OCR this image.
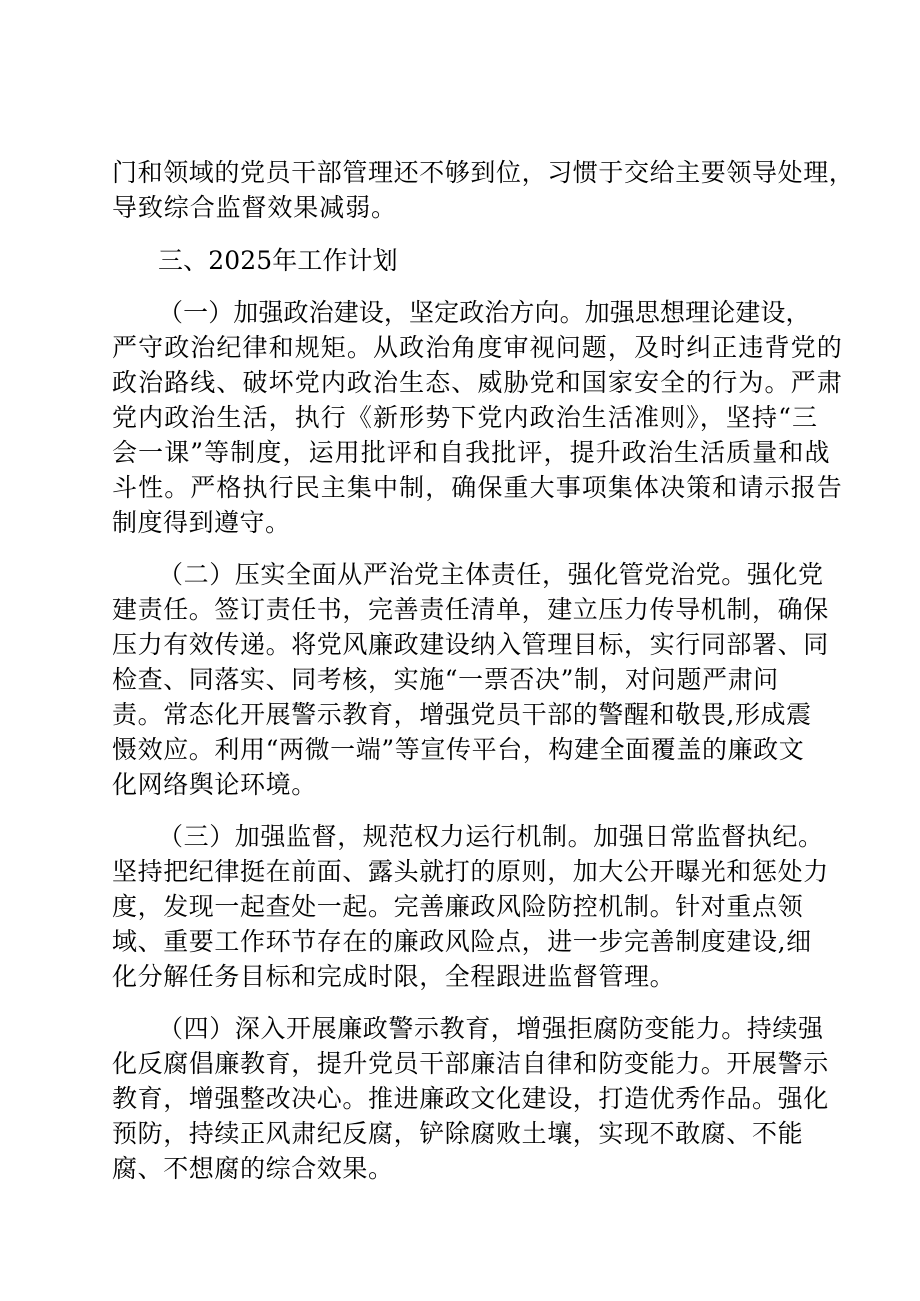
门和领域的党员干部管理还不够到位，习惯于交给主要领导处理，

导致综合监督效果减弱。

三、2025年工作计划

（一）加强政治建设，坚定政治方向。加强思想理论建设，

严守政治纪律和规矩。从政治角度审视问题，及时纠正违背党的

政治路线、破坏党内政治生态、威胁党和国家安全的行为。严肃

党内政治生活，执行《新形势下党内政治生活准则》，坚持“三

会一课”等制度，运用批评和自我批评，提升政治生活质量和战

斗性。严格执行民主集中制，确保重大事项集体决策和请示报告

制度得到遵守。

（二）压实全面从严治党主体责任，强化管党治党。强化党

建责任。签订责任书，完善责任清单，建立压力传导机制，确保

压力有效传递。将党风廉政建设纳入管理目标，实行同部署、同

检查、同落实、同考核，实施“一票否决”制，对问题严肃问

责。常态化开展警示教育，增强党员干部的警醒和敬畏,形成震

慑效应。利用“两微一端”等宣传平台，构建全面覆盖的廉政文

化网络舆论环境。

（三）加强监督，规范权力运行机制。加强日常监督执纪。

坚持把纪律挺在前面、露头就打的原则，加大公开曝光和惩处力

度，发现一起查处一起。完善廉政风险防控机制。针对重点领

域、重要工作环节存在的廉政风险点，进一步完善制度建设,细

化分解任务目标和完成时限，全程跟进监督管理。

（四）深入开展廉政警示教育，增强拒腐防变能力。持续强

化反腐倡廉教育，提升党员干部廉洁自律和防变能力。开展警示

教育，增强整改决心。推进廉政文化建设，打造优秀作品。强化

预防，持续正风肃纪反腐，铲除腐败土壤，实现不敢腐、不能

腐、不想腐的综合效果。
